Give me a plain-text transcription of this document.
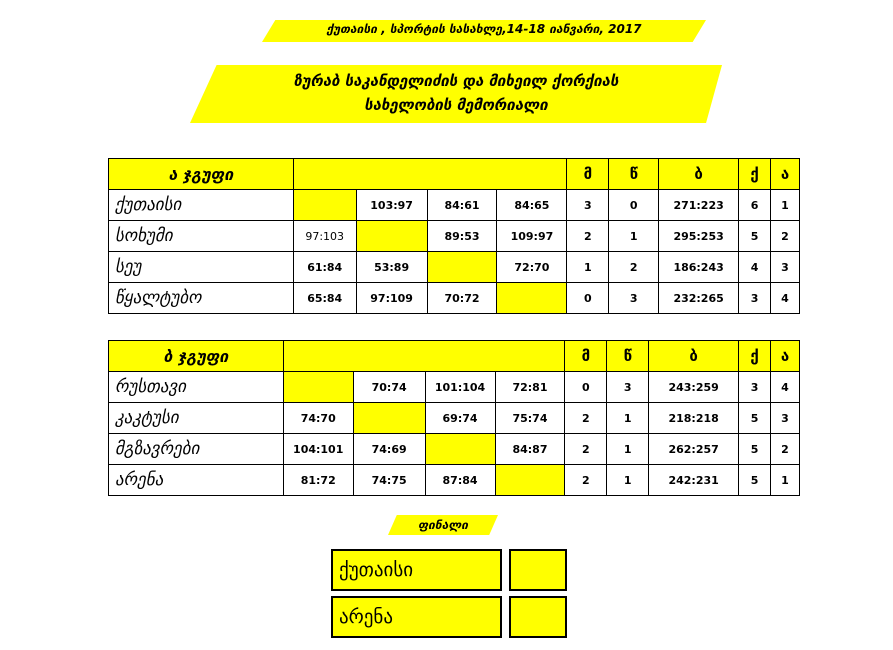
ქუთაისი , სპორტის სასახლე,14-18 იანვარი, 2017
ზურაბ საკანდელიძის და მიხეილ ქორქიას
სახელობის მემორიალი
ა ჯგუფი					მ	წ	ბ	ქ	ა
ქუთაისი		103:97	84:61	84:65	3	0	271:223	6	1
სოხუმი	97:103		89:53	109:97	2	1	295:253	5	2
სეუ	61:84	53:89		72:70	1	2	186:243	4	3
წყალტუბო	65:84	97:109	70:72		0	3	232:265	3	4
ბ ჯგუფი					მ	წ	ბ	ქ	ა
რუსთავი		70:74	101:104	72:81	0	3	243:259	3	4
კაკტუსი	74:70		69:74	75:74	2	1	218:218	5	3
მგზავრები	104:101	74:69		84:87	2	1	262:257	5	2
არენა	81:72	74:75	87:84		2	1	242:231	5	1
ფინალი
ქუთაისი
არენა
